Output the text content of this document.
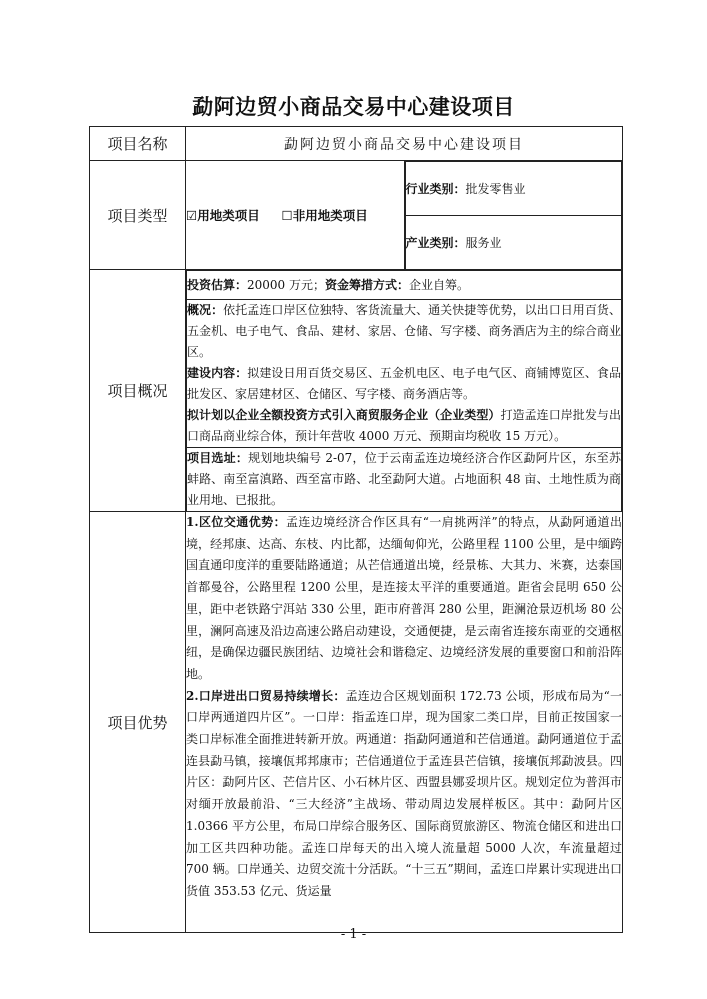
勐阿边贸小商品交易中心建设项目
项目名称	勐阿边贸小商品交易中心建设项目
项目类型	☑用地类项目 ☐非用地类项目	
行业类别：批发零售业
产业类别：服务业

项目概况	
投资估算：20000 万元；资金筹措方式：企业自筹。
概况：依托孟连口岸区位独特、客货流量大、通关快捷等优势，以出口日用百货、五金机、电子电气、食品、建材、家居、仓储、写字楼、商务酒店为主的综合商业区。
建设内容：拟建设日用百货交易区、五金机电区、电子电气区、商铺博览区、食品批发区、家居建材区、仓储区、写字楼、商务酒店等。
拟计划以企业全额投资方式引入商贸服务企业（企业类型）打造孟连口岸批发与出口商品商业综合体，预计年营收 4000 万元、预期亩均税收 15 万元）。
项目选址：规划地块编号 2-07，位于云南孟连边境经济合作区勐阿片区，东至苏蚌路、南至富滇路、西至富市路、北至勐阿大道。占地面积 48 亩、土地性质为商业用地、已报批。

项目优势	1.区位交通优势：孟连边境经济合作区具有“一肩挑两洋”的特点，从勐阿通道出境，经邦康、达高、东枝、内比都，达缅甸仰光，公路里程 1100 公里，是中缅跨国直通印度洋的重要陆路通道；从芒信通道出境，经景栋、大其力、米赛，达泰国首都曼谷，公路里程 1200 公里，是连接太平洋的重要通道。距省会昆明 650 公里，距中老铁路宁洱站 330 公里，距市府普洱 280 公里，距澜沧景迈机场 80 公里，澜阿高速及沿边高速公路启动建设，交通便捷，是云南省连接东南亚的交通枢纽，是确保边疆民族团结、边境社会和谐稳定、边境经济发展的重要窗口和前沿阵地。
2.口岸进出口贸易持续增长：孟连边合区规划面积 172.73 公顷，形成布局为“一口岸两通道四片区”。一口岸：指孟连口岸，现为国家二类口岸，目前正按国家一类口岸标准全面推进转新开放。两通道：指勐阿通道和芒信通道。勐阿通道位于孟连县勐马镇，接壤佤邦邦康市；芒信通道位于孟连县芒信镇，接壤佤邦勐波县。四片区：勐阿片区、芒信片区、小石林片区、西盟县娜妥坝片区。规划定位为普洱市对缅开放最前沿、“三大经济”主战场、带动周边发展样板区。其中：勐阿片区 1.0366 平方公里，布局口岸综合服务区、国际商贸旅游区、物流仓储区和进出口加工区共四种功能。孟连口岸每天的出入境人流量超 5000 人次，车流量超过 700 辆。口岸通关、边贸交流十分活跃。“十三五”期间，孟连口岸累计实现进出口货值 353.53 亿元、货运量
- 1 -
